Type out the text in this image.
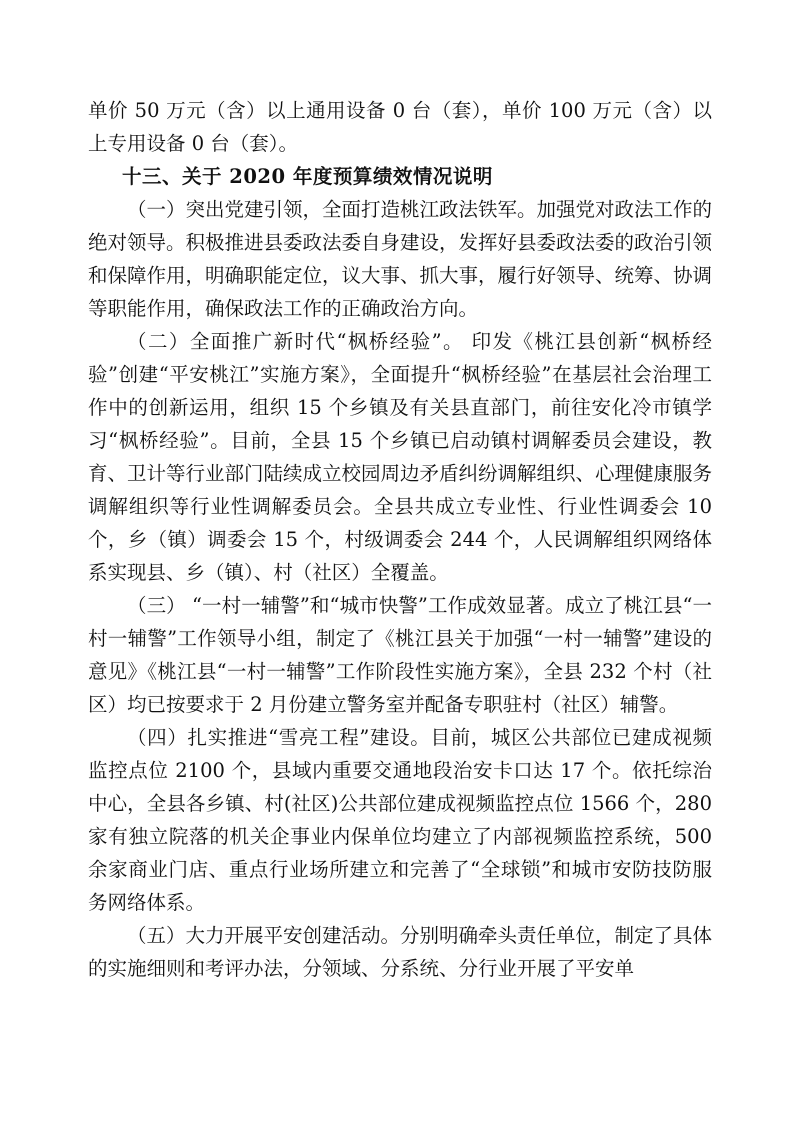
单价 50 万元（含）以上通用设备 0 台（套），单价 100 万元（含）以上专用设备 0 台（套）。

十三、关于 2020 年度预算绩效情况说明

（一）突出党建引领，全面打造桃江政法铁军。加强党对政法工作的绝对领导。积极推进县委政法委自身建设，发挥好县委政法委的政治引领和保障作用，明确职能定位，议大事、抓大事，履行好领导、统筹、协调等职能作用，确保政法工作的正确政治方向。

（二）全面推广新时代“枫桥经验”。 印发《桃江县创新“枫桥经验”创建“平安桃江”实施方案》，全面提升“枫桥经验”在基层社会治理工作中的创新运用，组织 15 个乡镇及有关县直部门，前往安化冷市镇学习“枫桥经验”。目前，全县 15 个乡镇已启动镇村调解委员会建设，教育、卫计等行业部门陆续成立校园周边矛盾纠纷调解组织、心理健康服务调解组织等行业性调解委员会。全县共成立专业性、行业性调委会 10 个，乡（镇）调委会 15 个，村级调委会 244 个，人民调解组织网络体系实现县、乡（镇）、村（社区）全覆盖。

（三） “一村一辅警”和“城市快警”工作成效显著。成立了桃江县“一村一辅警”工作领导小组，制定了《桃江县关于加强“一村一辅警”建设的意见》《桃江县“一村一辅警”工作阶段性实施方案》，全县 232 个村（社区）均已按要求于 2 月份建立警务室并配备专职驻村（社区）辅警。

（四）扎实推进“雪亮工程”建设。目前，城区公共部位已建成视频监控点位 2100 个，县域内重要交通地段治安卡口达 17 个。依托综治中心，全县各乡镇、村(社区)公共部位建成视频监控点位 1566 个，280 家有独立院落的机关企事业内保单位均建立了内部视频监控系统，500 余家商业门店、重点行业场所建立和完善了“全球锁”和城市安防技防服务网络体系。

（五）大力开展平安创建活动。分别明确牵头责任单位，制定了具体的实施细则和考评办法，分领域、分系统、分行业开展了平安单
